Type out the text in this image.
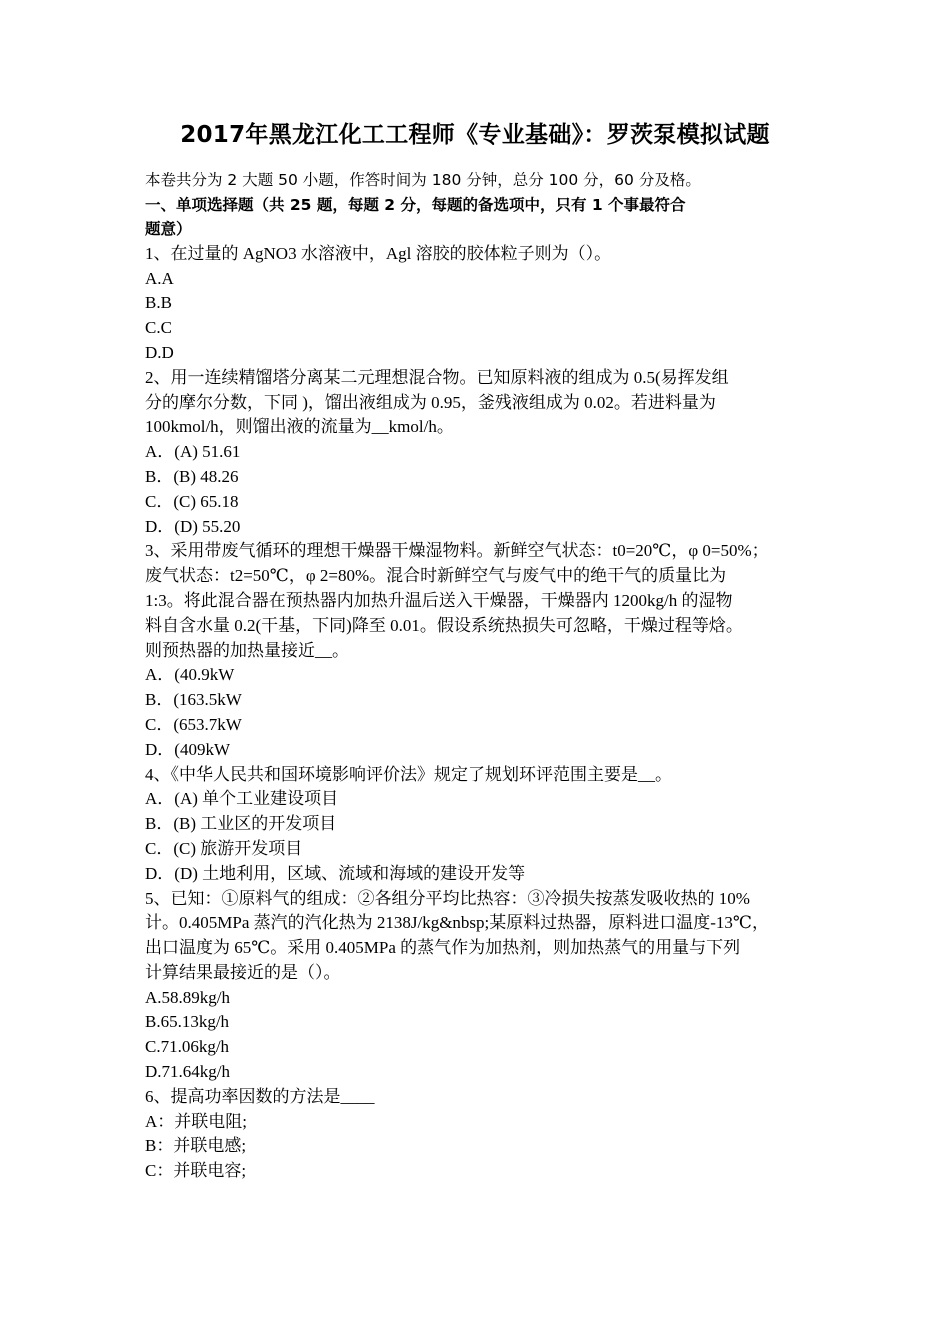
2017年黑龙江化工工程师《专业基础》：罗茨泵模拟试题

本卷共分为 2 大题 50 小题，作答时间为 180 分钟，总分 100 分，60 分及格。

一、单项选择题（共 25 题，每题 2 分，每题的备选项中，只有 1 个事最符合

题意）

1、在过量的 AgNO3 水溶液中，Agl 溶胶的胶体粒子则为（）。

A.A

B.B

C.C

D.D

2、用一连续精馏塔分离某二元理想混合物。已知原料液的组成为 0.5(易挥发组

分的摩尔分数，下同 )，馏出液组成为 0.95，釜残液组成为 0.02。若进料量为

100kmol/h，则馏出液的流量为__kmol/h。

A．(A) 51.61

B．(B) 48.26

C．(C) 65.18

D．(D) 55.20

3、采用带废气循环的理想干燥器干燥湿物料。新鲜空气状态：t0=20℃，φ 0=50%；

废气状态：t2=50℃，φ 2=80%。混合时新鲜空气与废气中的绝干气的质量比为

1:3。将此混合器在预热器内加热升温后送入干燥器，干燥器内 1200kg/h 的湿物

料自含水量 0.2(干基，下同)降至 0.01。假设系统热损失可忽略，干燥过程等焓。

则预热器的加热量接近__。

A．(40.9kW

B．(163.5kW

C．(653.7kW

D．(409kW

4、《中华人民共和国环境影响评价法》规定了规划环评范围主要是__。

A．(A) 单个工业建设项目

B．(B) 工业区的开发项目

C．(C) 旅游开发项目

D．(D) 土地利用，区域、流域和海域的建设开发等

5、已知：①原料气的组成：②各组分平均比热容：③冷损失按蒸发吸收热的 10%

计。0.405MPa 蒸汽的汽化热为 2138J/kg&nbsp;某原料过热器，原料进口温度-13℃，

出口温度为 65℃。采用 0.405MPa 的蒸气作为加热剂，则加热蒸气的用量与下列

计算结果最接近的是（）。

A.58.89kg/h

B.65.13kg/h

C.71.06kg/h

D.71.64kg/h

6、提高功率因数的方法是____

A：并联电阻;

B：并联电感;

C：并联电容;
